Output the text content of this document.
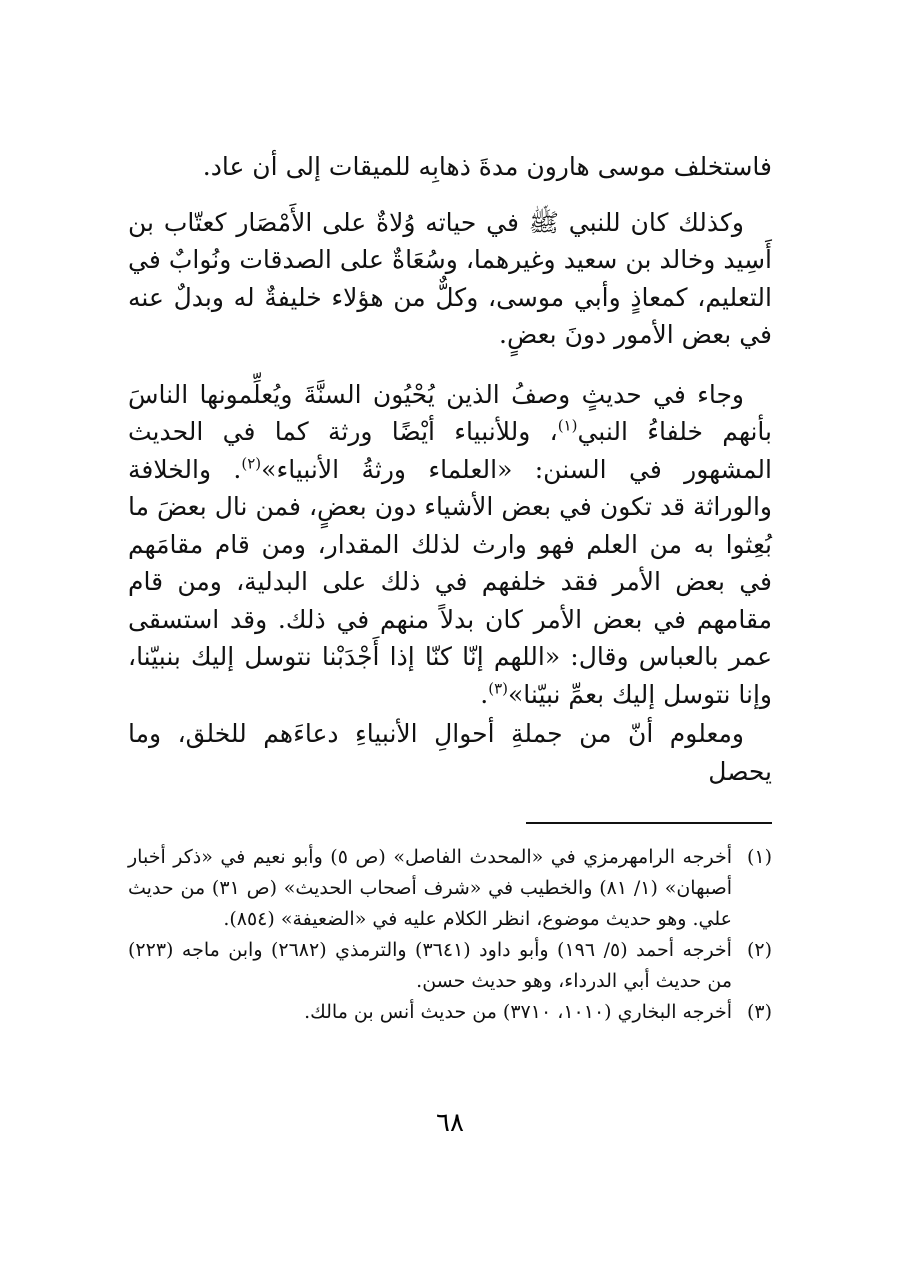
فاستخلف موسى هارون مدةَ ذهابِه للميقات إلى أن عاد.

وكذلك كان للنبي ﷺ في حياته وُلاةٌ على الأَمْصَار كعتّاب بن أَسِيد وخالد بن سعيد وغيرهما، وسُعَاةٌ على الصدقات ونُوابٌ في التعليم، كمعاذٍ وأبي موسى، وكلٌّ من هؤلاء خليفةٌ له وبدلٌ عنه في بعض الأمور دونَ بعضٍ.

وجاء في حديثٍ وصفُ الذين يُحْيُون السنَّةَ ويُعلِّمونها الناسَ بأنهم خلفاءُ النبي$^{(١)}$، وللأنبياء أيْضًا ورثة كما في الحديث المشهور في السنن: «العلماء ورثةُ الأنبياء»$^{(٢)}$. والخلافة والوراثة قد تكون في بعض الأشياء دون بعضٍ، فمن نال بعضَ ما بُعِثوا به من العلم فهو وارث لذلك المقدار، ومن قام مقامَهم في بعض الأمر فقد خلفهم في ذلك على البدلية، ومن قام مقامهم في بعض الأمر كان بدلاً منهم في ذلك. وقد استسقى عمر بالعباس وقال: «اللهم إنّا كنّا إذا أَجْدَبْنا نتوسل إليك بنبيّنا، وإنا نتوسل إليك بعمِّ نبيّنا»$^{(٣)}$.

ومعلوم أنّ من جملةِ أحوالِ الأنبياءِ دعاءَهم للخلق، وما يحصل

(١)
أخرجه الرامهرمزي في «المحدث الفاصل» (ص ٥) وأبو نعيم في «ذكر أخبار أصبهان» (١/ ٨١) والخطيب في «شرف أصحاب الحديث» (ص ٣١) من حديث علي. وهو حديث موضوع، انظر الكلام عليه في «الضعيفة» (٨٥٤).
(٢)
أخرجه أحمد (٥/ ١٩٦) وأبو داود (٣٦٤١) والترمذي (٢٦٨٢) وابن ماجه (٢٢٣) من حديث أبي الدرداء، وهو حديث حسن.
(٣)
أخرجه البخاري (١٠١٠، ٣٧١٠) من حديث أنس بن مالك.
٦٨
